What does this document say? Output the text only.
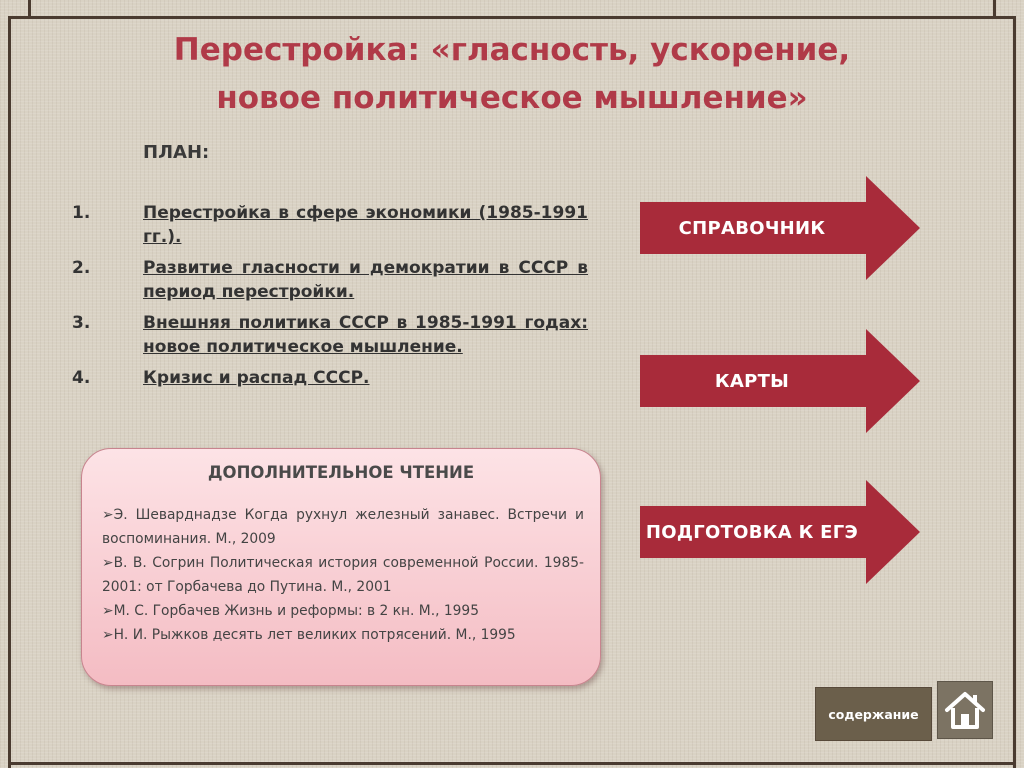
Перестройка: «гласность, ускорение,
новое политическое мышление»

ПЛАН:

1.	Перестройка в сфере экономики (1985-1991 гг.).
2.	Развитие гласности и демократии в СССР в период перестройки.
3.	Внешняя политика СССР в 1985-1991 годах: новое политическое мышление.
4.	Кризис и распад СССР.
СПРАВОЧНИК
КАРТЫ
ПОДГОТОВКА К ЕГЭ

ДОПОЛНИТЕЛЬНОЕ ЧТЕНИЕ

➢Э. Шеварднадзе Когда рухнул железный занавес. Встречи и воспоминания. М., 2009
➢В. В. Согрин Политическая история современной России. 1985-2001: от Горбачева до Путина. М., 2001
➢М. С. Горбачев Жизнь и реформы: в 2 кн. М., 1995
➢Н. И. Рыжков десять лет великих потрясений. М., 1995
содержание
